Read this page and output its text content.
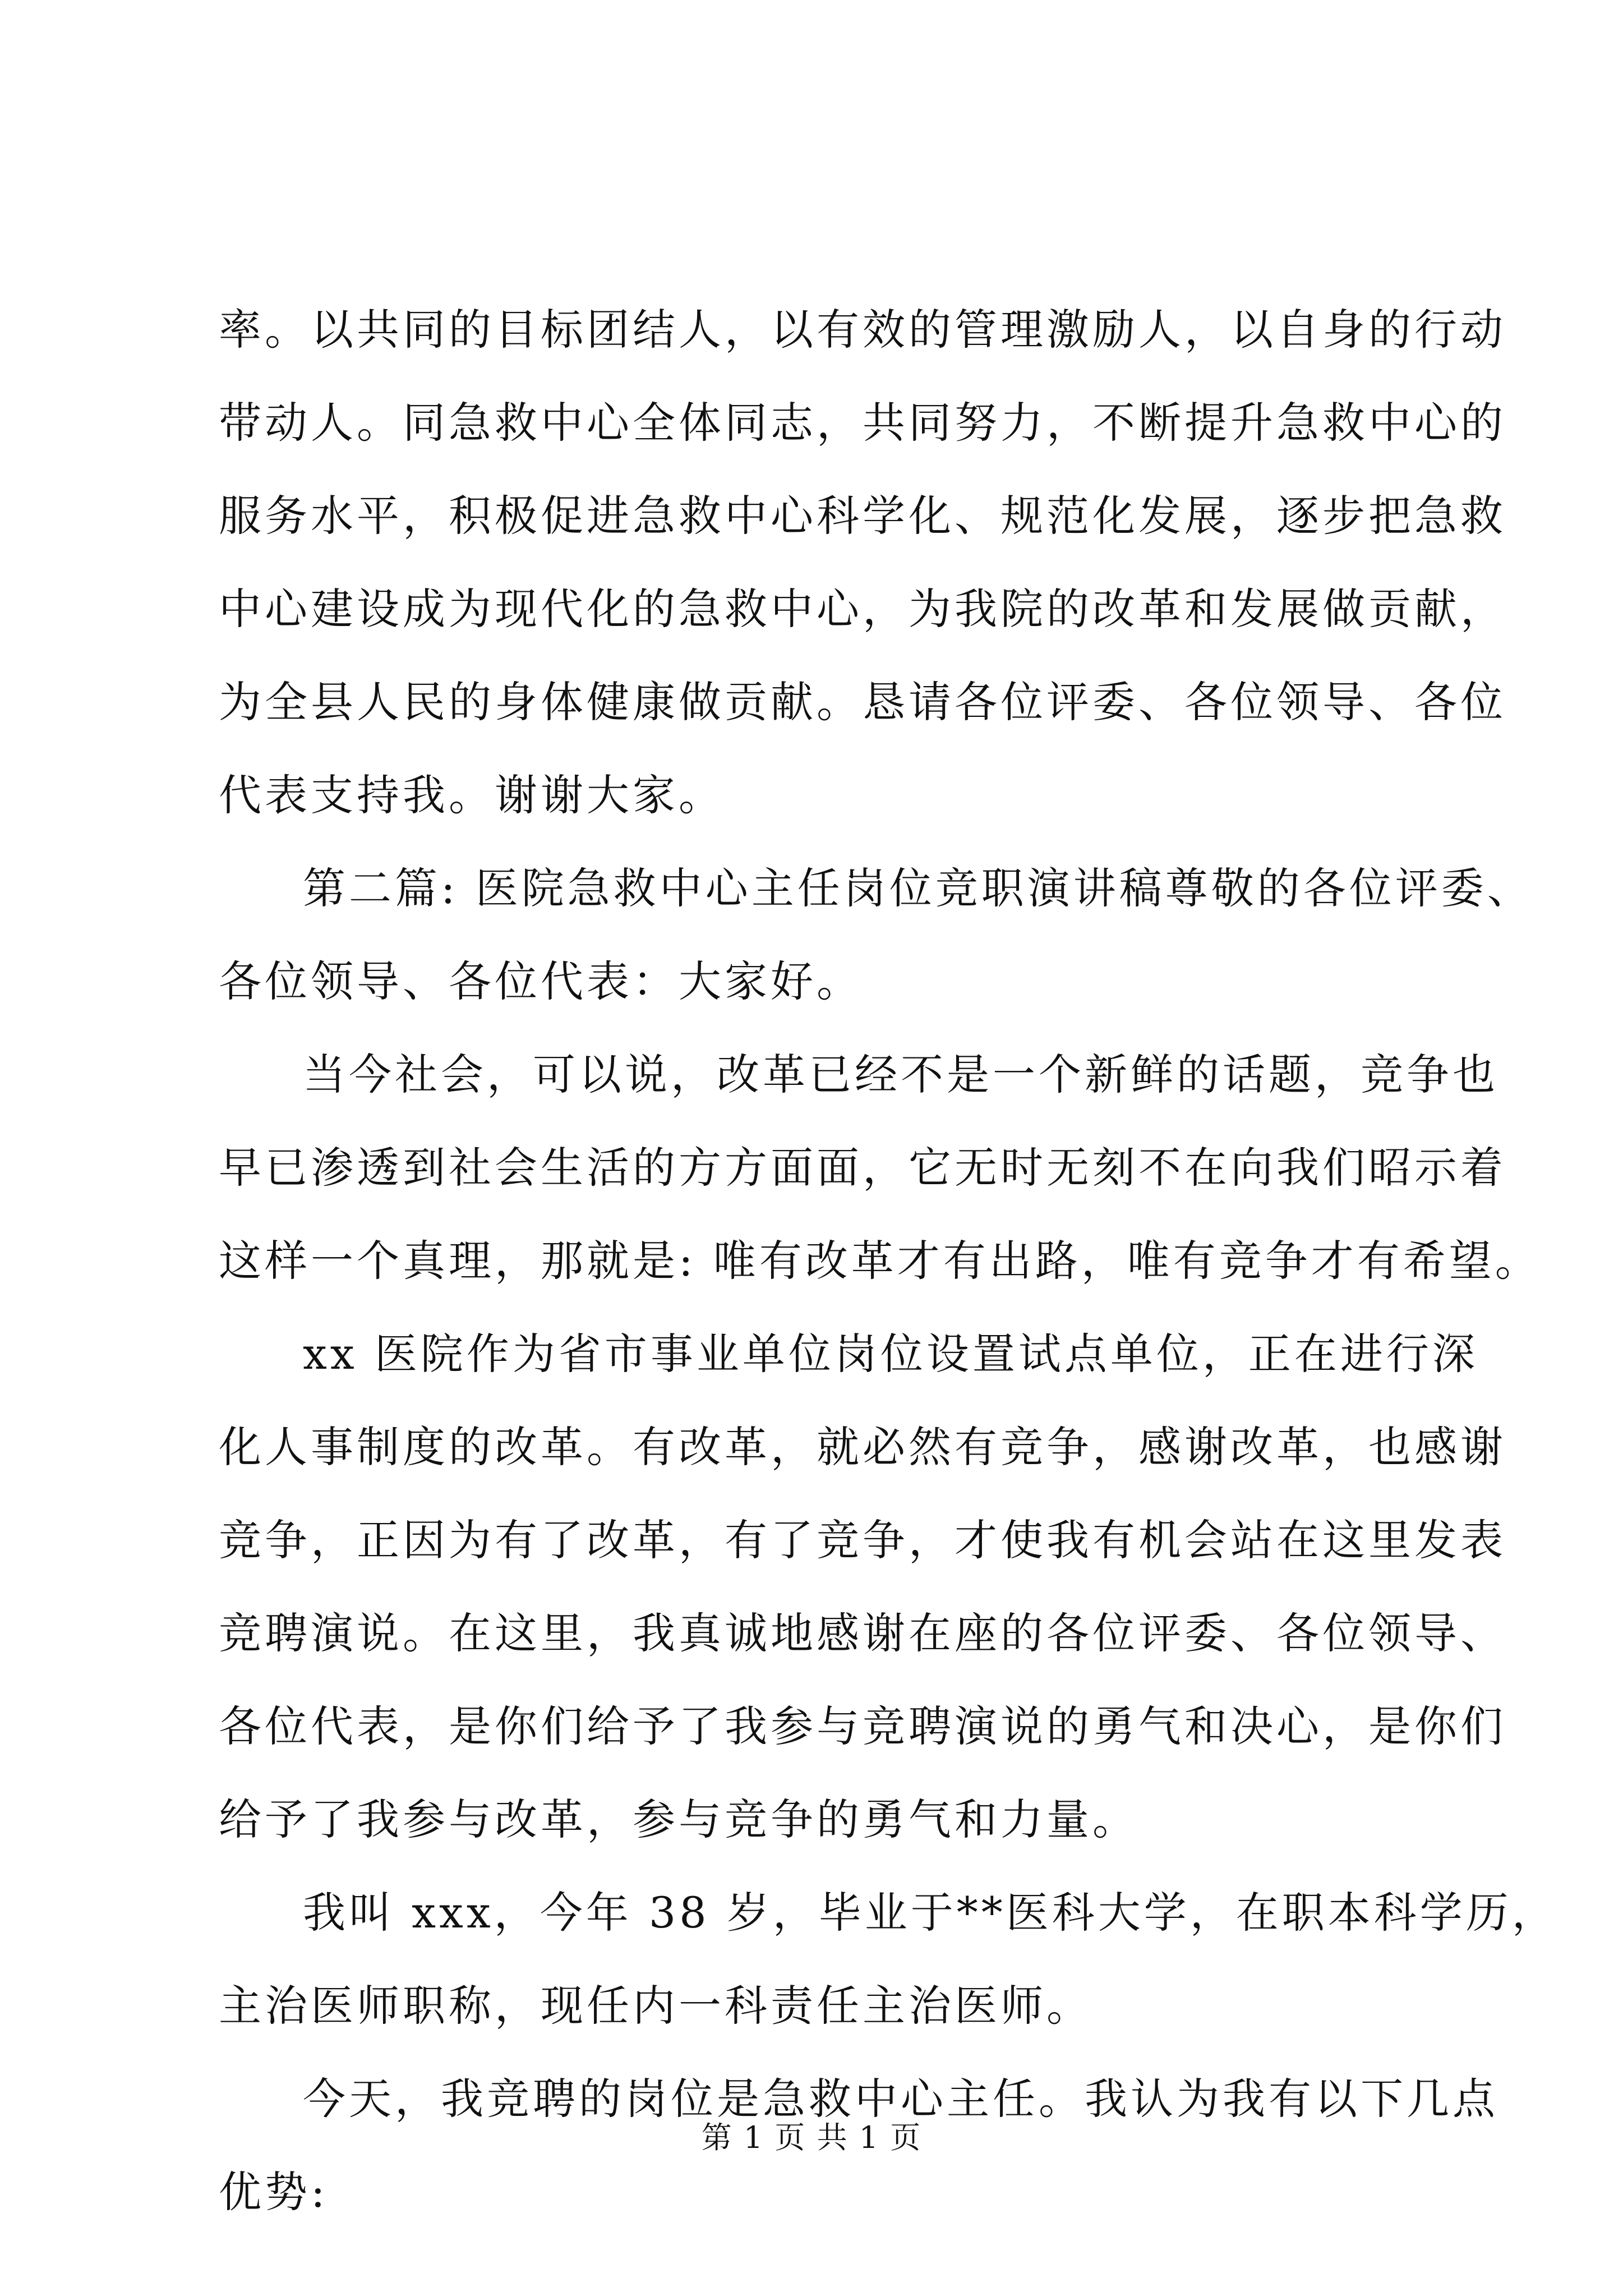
率。以共同的目标团结人，以有效的管理激励人，以自身的行动
带动人。同急救中心全体同志，共同努力，不断提升急救中心的
服务水平，积极促进急救中心科学化、规范化发展，逐步把急救
中心建设成为现代化的急救中心，为我院的改革和发展做贡献，
为全县人民的身体健康做贡献。恳请各位评委、各位领导、各位
代表支持我。谢谢大家。
第二篇: 医院急救中心主任岗位竞职演讲稿尊敬的各位评委、
各位领导、各位代表：大家好。
当今社会，可以说，改革已经不是一个新鲜的话题，竞争也
早已渗透到社会生活的方方面面，它无时无刻不在向我们昭示着
这样一个真理，那就是: 唯有改革才有出路，唯有竞争才有希望。
xx 医院作为省市事业单位岗位设置试点单位，正在进行深
化人事制度的改革。有改革，就必然有竞争，感谢改革，也感谢
竞争，正因为有了改革，有了竞争，才使我有机会站在这里发表
竞聘演说。在这里，我真诚地感谢在座的各位评委、各位领导、
各位代表，是你们给予了我参与竞聘演说的勇气和决心，是你们
给予了我参与改革，参与竞争的勇气和力量。
我叫 xxx，今年 38 岁，毕业于**医科大学，在职本科学历，
主治医师职称，现任内一科责任主治医师。
今天，我竞聘的岗位是急救中心主任。我认为我有以下几点
优势:
第 1 页 共 1 页
